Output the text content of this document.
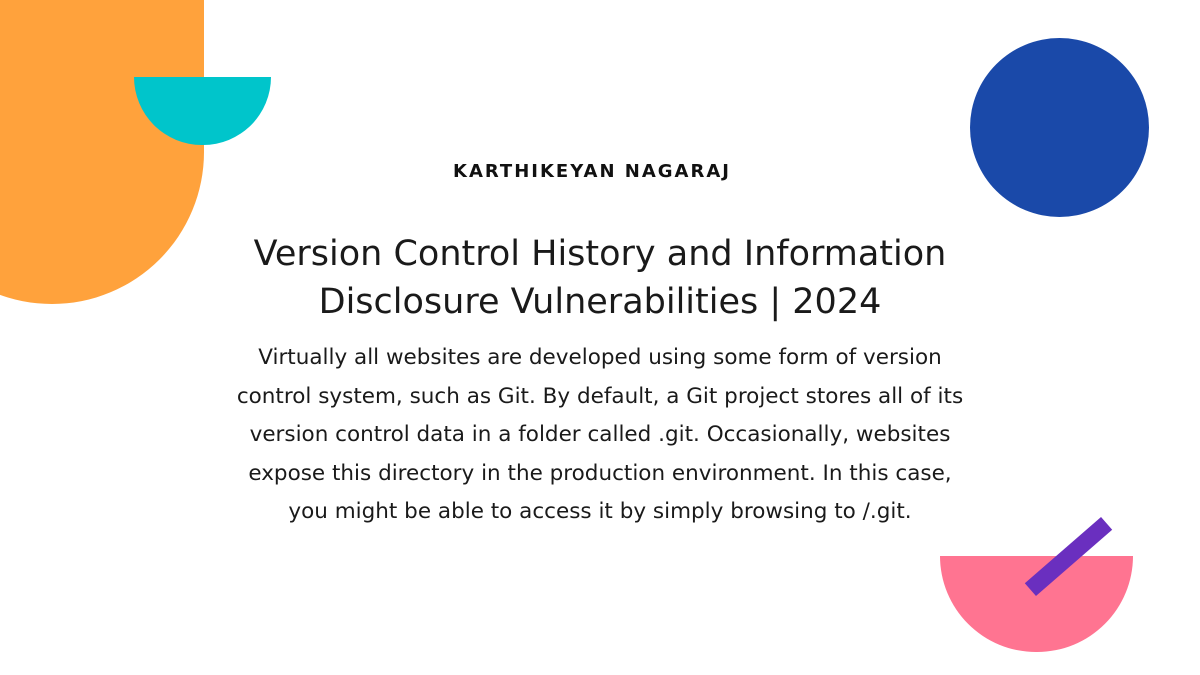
KARTHIKEYAN NAGARAJ
Version Control History and Information
Disclosure Vulnerabilities | 2024
Virtually all websites are developed using some form of version
control system, such as Git. By default, a Git project stores all of its
version control data in a folder called .git. Occasionally, websites
expose this directory in the production environment. In this case,
you might be able to access it by simply browsing to /.git.
